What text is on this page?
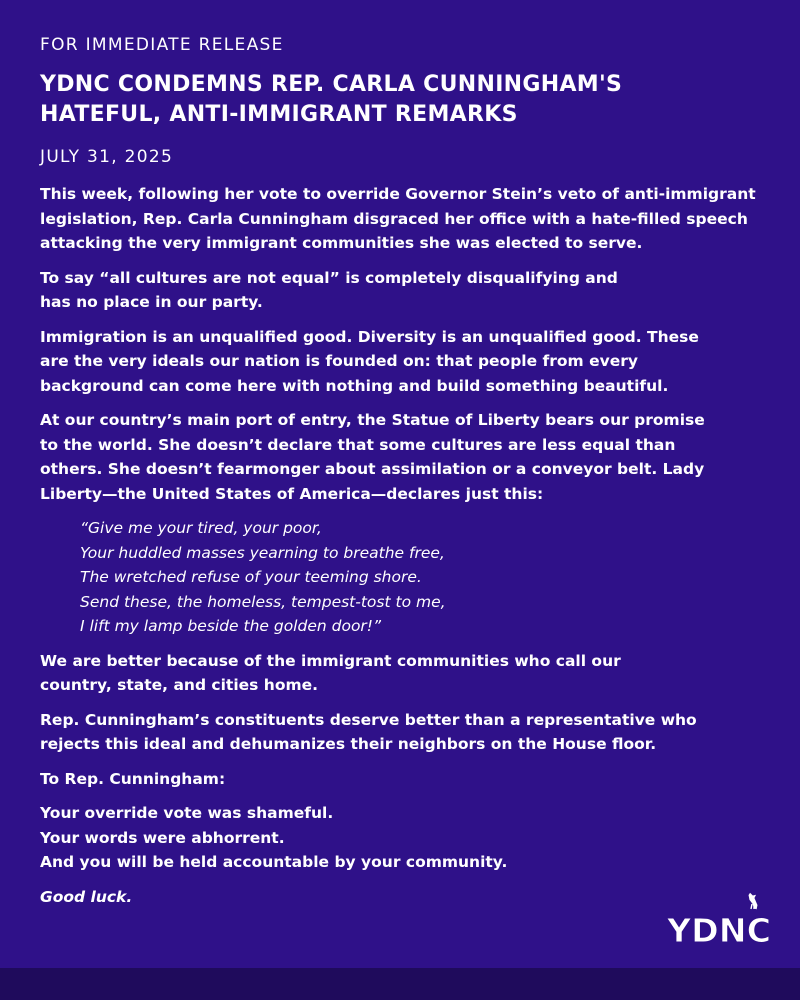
FOR IMMEDIATE RELEASE
YDNC CONDEMNS REP. CARLA CUNNINGHAM'S
HATEFUL, ANTI-IMMIGRANT REMARKS
JULY 31, 2025
This week, following her vote to override Governor Stein’s veto of anti-immigrant
legislation, Rep. Carla Cunningham disgraced her office with a hate-filled speech
attacking the very immigrant communities she was elected to serve.
To say “all cultures are not equal” is completely disqualifying and
has no place in our party.
Immigration is an unqualified good. Diversity is an unqualified good. These
are the very ideals our nation is founded on: that people from every
background can come here with nothing and build something beautiful.
At our country’s main port of entry, the Statue of Liberty bears our promise
to the world. She doesn’t declare that some cultures are less equal than
others. She doesn’t fearmonger about assimilation or a conveyor belt. Lady
Liberty—the United States of America—declares just this:
“Give me your tired, your poor,
Your huddled masses yearning to breathe free,
The wretched refuse of your teeming shore.
Send these, the homeless, tempest-tost to me,
I lift my lamp beside the golden door!”
We are better because of the immigrant communities who call our
country, state, and cities home.
Rep. Cunningham’s constituents deserve better than a representative who
rejects this ideal and dehumanizes their neighbors on the House floor.
To Rep. Cunningham:
Your override vote was shameful.
Your words were abhorrent.
And you will be held accountable by your community.
Good luck.
YDNC
